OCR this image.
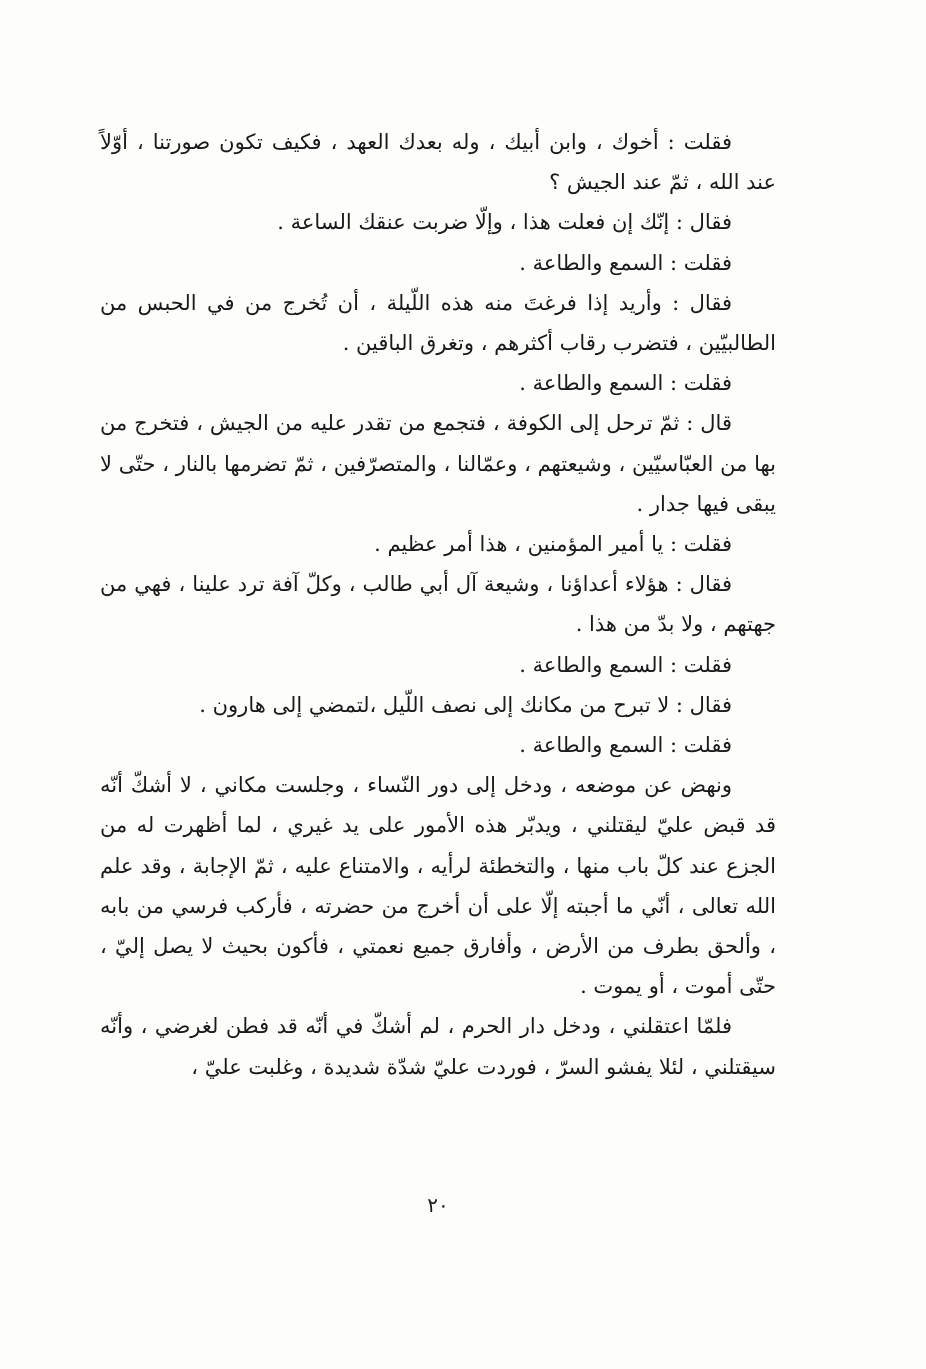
فقلت : أخوك ، وابن أبيك ، وله بعدك العهد ، فكيف تكون صورتنا ، أوّلاً عند الله ، ثمّ عند الجيش ؟

فقال : إنّك إن فعلت هذا ، وإلّا ضربت عنقك الساعة .

فقلت : السمع والطاعة .

فقال : وأريد إذا فرغتَ منه هذه اللّيلة ، أن تُخرج من في الحبس من الطالبيّين ، فتضرب رقاب أكثرهم ، وتغرق الباقين .

فقلت : السمع والطاعة .

قال : ثمّ ترحل إلى الكوفة ، فتجمع من تقدر عليه من الجيش ، فتخرج من بها من العبّاسيّين ، وشيعتهم ، وعمّالنا ، والمتصرّفين ، ثمّ تضرمها بالنار ، حتّى لا يبقى فيها جدار .

فقلت : يا أمير المؤمنين ، هذا أمر عظيم .

فقال : هؤلاء أعداؤنا ، وشيعة آل أبي طالب ، وكلّ آفة ترد علينا ، فهي من جهتهم ، ولا بدّ من هذا .

فقلت : السمع والطاعة .

فقال : لا تبرح من مكانك إلى نصف اللّيل ،لتمضي إلى هارون .

فقلت : السمع والطاعة .

ونهض عن موضعه ، ودخل إلى دور النّساء ، وجلست مكاني ، لا أشكّ أنّه قد قبض عليّ ليقتلني ، ويدبّر هذه الأمور على يد غيري ، لما أظهرت له من الجزع عند كلّ باب منها ، والتخطئة لرأيه ، والامتناع عليه ، ثمّ الإجابة ، وقد علم الله تعالى ، أنّي ما أجبته إلّا على أن أخرج من حضرته ، فأركب فرسي من بابه ، وألحق بطرف من الأرض ، وأفارق جميع نعمتي ، فأكون بحيث لا يصل إليّ ، حتّى أموت ، أو يموت .

فلمّا اعتقلني ، ودخل دار الحرم ، لم أشكّ في أنّه قد فطن لغرضي ، وأنّه سيقتلني ، لئلا يفشو السرّ ، فوردت عليّ شدّة شديدة ، وغلبت عليّ ،

٢٠
